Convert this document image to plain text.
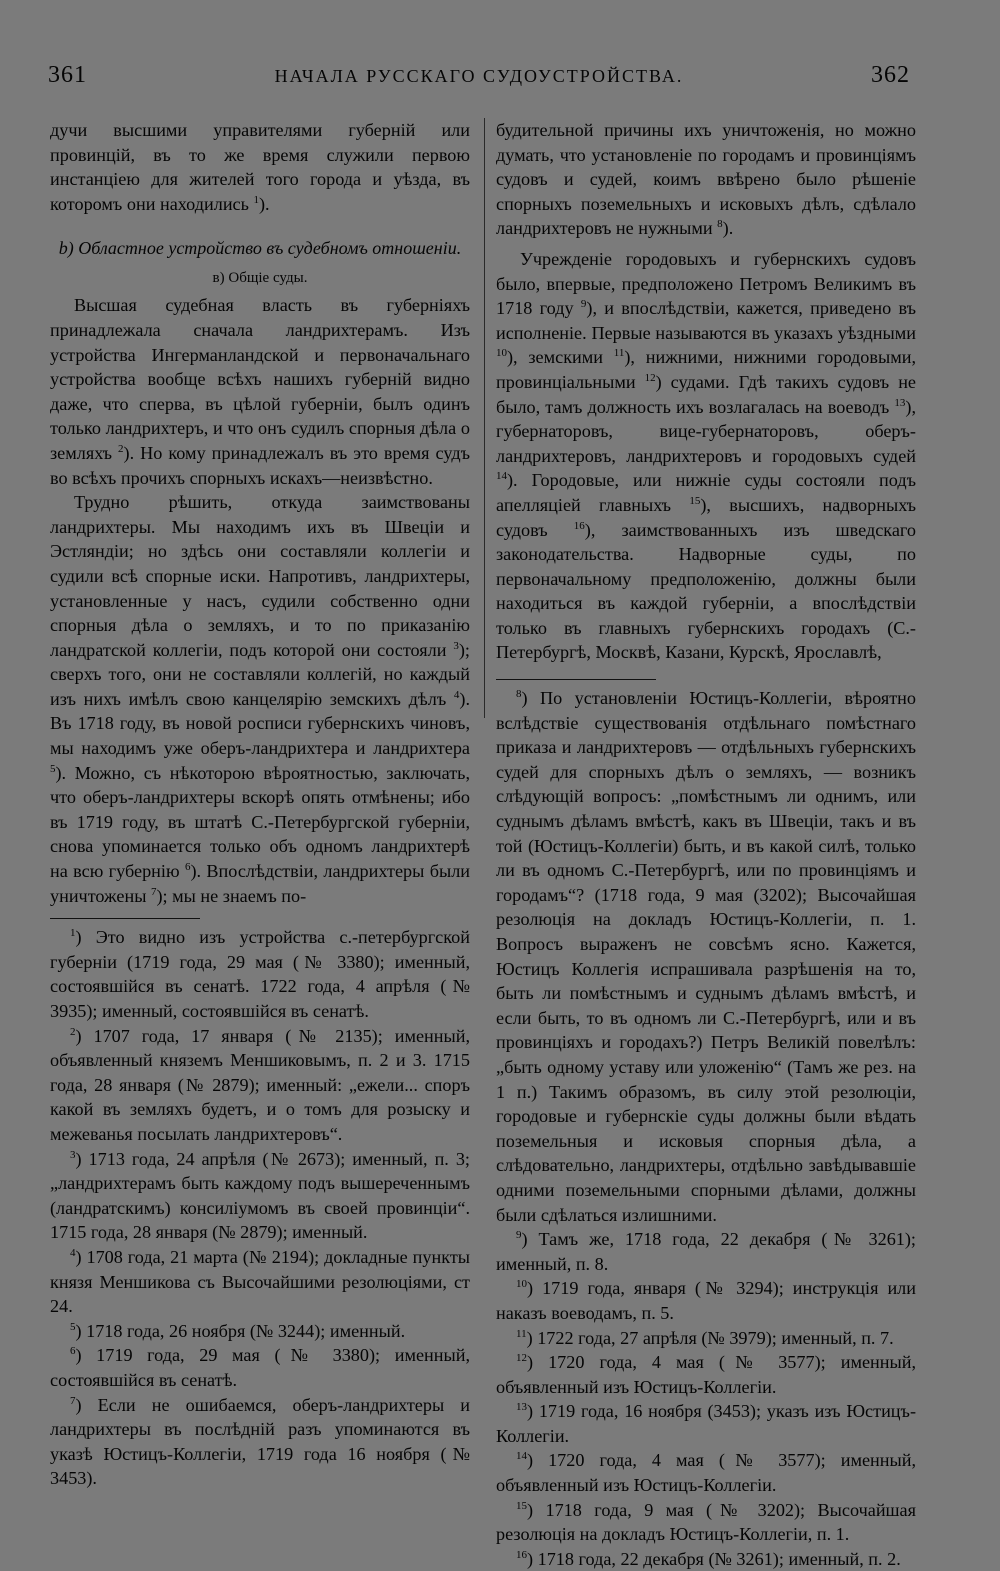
361	НАЧАЛА РУССКАГО СУДОУСТРОЙСТВА.	362

дучи высшими управителями губерній или провинцій, въ то же время служили первою инстанціею для жителей того города и уѣзда, въ которомъ они находились $^1$).

b) Областное устройство въ судебномъ отношеніи.
в) Общіе суды.

Высшая судебная власть въ губерніяхъ принадлежала сначала ландрихтерамъ. Изъ устройства Ингерманландской и первоначальнаго устройства вообще всѣхъ нашихъ губерній видно даже, что сперва, въ цѣлой губерніи, былъ одинъ только ландрихтеръ, и что онъ судилъ спорныя дѣла о земляхъ $^2$). Но кому принадлежалъ въ это время судъ во всѣхъ прочихъ спорныхъ искахъ—неизвѣстно.

Трудно рѣшить, откуда заимствованы ландрихтеры. Мы находимъ ихъ въ Швеціи и Эстляндіи; но здѣсь они составляли коллегіи и судили всѣ спорные иски. Напротивъ, ландрихтеры, установленные у насъ, судили собственно одни спорныя дѣла о земляхъ, и то по приказанію ландратской коллегіи, подъ которой они состояли $^3$); сверхъ того, они не составляли коллегій, но каждый изъ нихъ имѣлъ свою канцелярію земскихъ дѣлъ $^4$). Въ 1718 году, въ новой росписи губернскихъ чиновъ, мы находимъ уже оберъ-ландрихтера и ландрихтера $^5$). Можно, съ нѣкоторою вѣроятностью, заключать, что оберъ-ландрихтеры вскорѣ опять отмѣнены; ибо въ 1719 году, въ штатѣ С.-Петербургской губерніи, снова упоминается только объ одномъ ландрихтерѣ на всю губернію $^6$). Впослѣдствіи, ландрихтеры были уничтожены $^7$); мы не знаемъ по-

$^1$) Это видно изъ устройства с.-петербургской губерніи (1719 года, 29 мая (№ 3380); именный, состоявшійся въ сенатѣ. 1722 года, 4 апрѣля (№ 3935); именный, состоявшійся въ сенатѣ.

$^2$) 1707 года, 17 января (№ 2135); именный, объявленный княземъ Меншиковымъ, п. 2 и 3. 1715 года, 28 января (№ 2879); именный: „ежели... споръ какой въ земляхъ будетъ, и о томъ для розыску и межеванья посылать ландрихтеровъ“.

$^3$) 1713 года, 24 апрѣля (№ 2673); именный, п. 3; „ландрихтерамъ быть каждому подъ вышереченнымъ (ландратскимъ) консиліумомъ въ своей провинціи“. 1715 года, 28 января (№ 2879); именный.

$^4$) 1708 года, 21 марта (№ 2194); докладные пункты князя Меншикова съ Высочайшими резолюціями, ст 24.

$^5$) 1718 года, 26 ноября (№ 3244); именный.

$^6$) 1719 года, 29 мая (№ 3380); именный, состоявшійся въ сенатѣ.

$^7$) Если не ошибаемся, оберъ-ландрихтеры и ландрихтеры въ послѣдній разъ упоминаются въ указѣ Юстицъ-Коллегіи, 1719 года 16 ноября (№ 3453).

будительной причины ихъ уничтоженія, но можно думать, что установленіе по городамъ и провинціямъ судовъ и судей, коимъ ввѣрено было рѣшеніе спорныхъ поземельныхъ и исковыхъ дѣлъ, сдѣлало ландрихтеровъ не нужными $^8$).

Учрежденіе городовыхъ и губернскихъ судовъ было, впервые, предположено Петромъ Великимъ въ 1718 году $^9$), и впослѣдствіи, кажется, приведено въ исполненіе. Первые называются въ указахъ уѣздными $^{10}$), земскими $^{11}$), нижними, нижними городовыми, провинціальными $^{12}$) судами. Гдѣ такихъ судовъ не было, тамъ должность ихъ возлагалась на воеводъ $^{13}$), губернаторовъ, вице-губернаторовъ, оберъ-ландрихтеровъ, ландрихтеровъ и городовыхъ судей $^{14}$). Городовые, или нижніе суды состояли подъ апелляціей главныхъ $^{15}$), высшихъ, надворныхъ судовъ $^{16}$), заимствованныхъ изъ шведскаго законодательства. Надворные суды, по первоначальному предположенію, должны были находиться въ каждой губерніи, а впослѣдствіи только въ главныхъ губернскихъ городахъ (С.-Петербургѣ, Москвѣ, Казани, Курскѣ, Ярославлѣ,

$^8$) По установленіи Юстицъ-Коллегіи, вѣроятно вслѣдствіе существованія отдѣльнаго помѣстнаго приказа и ландрихтеровъ — отдѣльныхъ губернскихъ судей для спорныхъ дѣлъ о земляхъ, — возникъ слѣдующій вопросъ: „помѣстнымъ ли однимъ, или суднымъ дѣламъ вмѣстѣ, какъ въ Швеціи, такъ и въ той (Юстицъ-Коллегіи) быть, и въ какой силѣ, только ли въ одномъ С.-Петербургѣ, или по провинціямъ и городамъ“? (1718 года, 9 мая (3202); Высочайшая резолюція на докладъ Юстицъ-Коллегіи, п. 1. Вопросъ выраженъ не совсѣмъ ясно. Кажется, Юстицъ Коллегія испрашивала разрѣшенія на то, быть ли помѣстнымъ и суднымъ дѣламъ вмѣстѣ, и если быть, то въ одномъ ли С.-Петербургѣ, или и въ провинціяхъ и городахъ?) Петръ Великій повелѣлъ: „быть одному уставу или уложенію“ (Тамъ же рез. на 1 п.) Такимъ образомъ, въ силу этой резолюціи, городовые и губернскіе суды должны были вѣдать поземельныя и исковыя спорныя дѣла, а слѣдовательно, ландрихтеры, отдѣльно завѣдывавшіе одними поземельными спорными дѣлами, должны были сдѣлаться излишними.

$^9$) Тамъ же, 1718 года, 22 декабря (№ 3261); именный, п. 8.

$^{10}$) 1719 года, января (№ 3294); инструкція или наказъ воеводамъ, п. 5.

$^{11}$) 1722 года, 27 апрѣля (№ 3979); именный, п. 7.

$^{12}$) 1720 года, 4 мая (№ 3577); именный, объявленный изъ Юстицъ-Коллегіи.

$^{13}$) 1719 года, 16 ноября (3453); указъ изъ Юстицъ-Коллегіи.

$^{14}$) 1720 года, 4 мая (№ 3577); именный, объявленный изъ Юстицъ-Коллегіи.

$^{15}$) 1718 года, 9 мая (№ 3202); Высочайшая резолюція на докладъ Юстицъ-Коллегіи, п. 1.

$^{16}$) 1718 года, 22 декабря (№ 3261); именный, п. 2.
